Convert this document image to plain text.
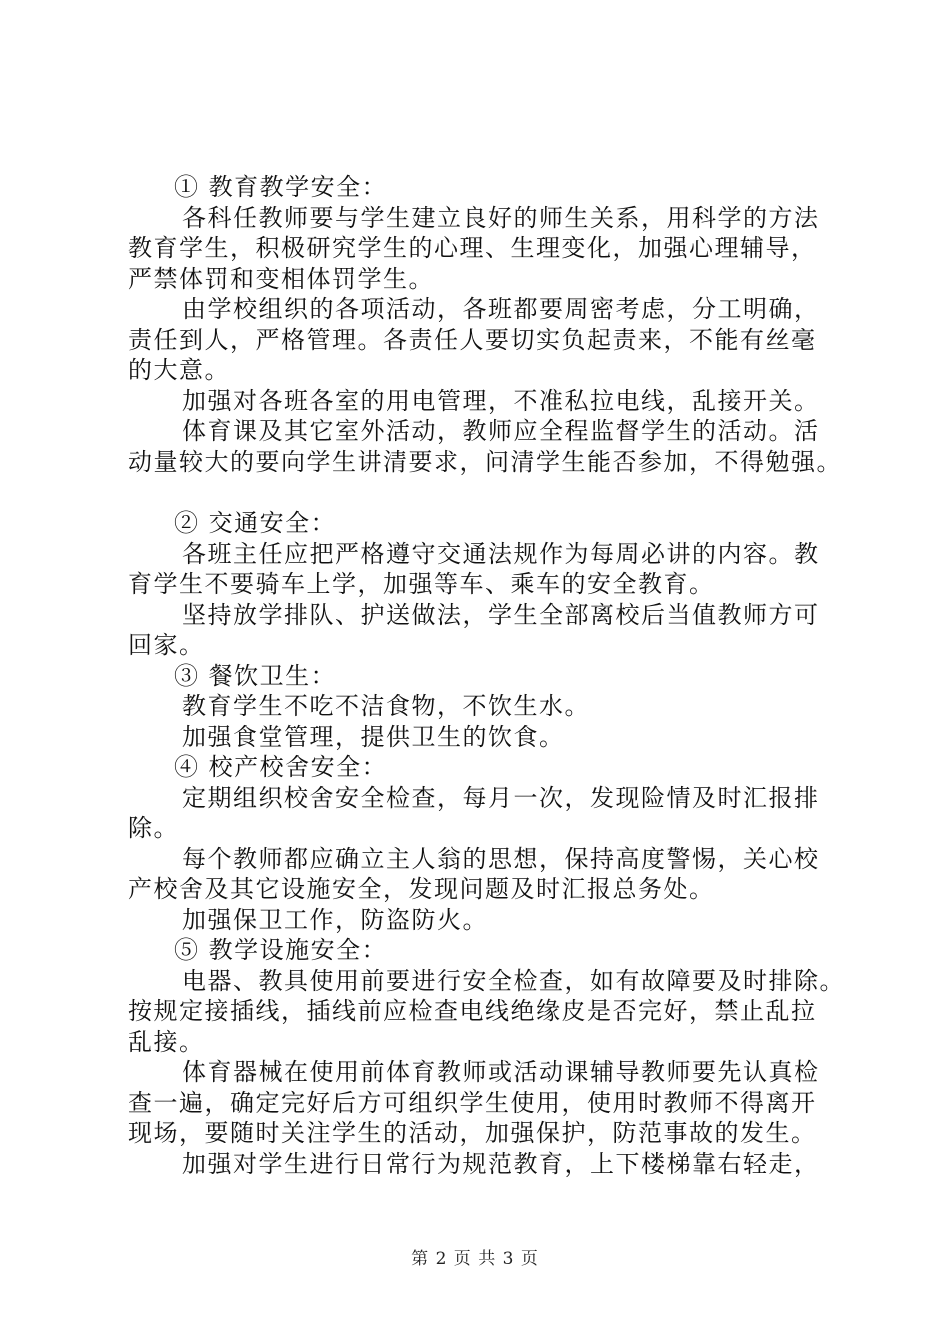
① 教育教学安全：
各科任教师要与学生建立良好的师生关系，用科学的方法
教育学生，积极研究学生的心理、生理变化，加强心理辅导，
严禁体罚和变相体罚学生。
由学校组织的各项活动，各班都要周密考虑，分工明确，
责任到人，严格管理。各责任人要切实负起责来，不能有丝毫
的大意。
加强对各班各室的用电管理，不准私拉电线，乱接开关。
体育课及其它室外活动，教师应全程监督学生的活动。活
动量较大的要向学生讲清要求，问清学生能否参加，不得勉强。
② 交通安全：
各班主任应把严格遵守交通法规作为每周必讲的内容。教
育学生不要骑车上学，加强等车、乘车的安全教育。
坚持放学排队、护送做法，学生全部离校后当值教师方可
回家。
③ 餐饮卫生：
教育学生不吃不洁食物，不饮生水。
加强食堂管理，提供卫生的饮食。
④ 校产校舍安全：
定期组织校舍安全检查，每月一次，发现险情及时汇报排
除。
每个教师都应确立主人翁的思想，保持高度警惕，关心校
产校舍及其它设施安全，发现问题及时汇报总务处。
加强保卫工作，防盗防火。
⑤ 教学设施安全：
电器、教具使用前要进行安全检查，如有故障要及时排除。
按规定接插线，插线前应检查电线绝缘皮是否完好，禁止乱拉
乱接。
体育器械在使用前体育教师或活动课辅导教师要先认真检
查一遍，确定完好后方可组织学生使用，使用时教师不得离开
现场，要随时关注学生的活动，加强保护，防范事故的发生。
加强对学生进行日常行为规范教育，上下楼梯靠右轻走，
第 2 页 共 3 页
